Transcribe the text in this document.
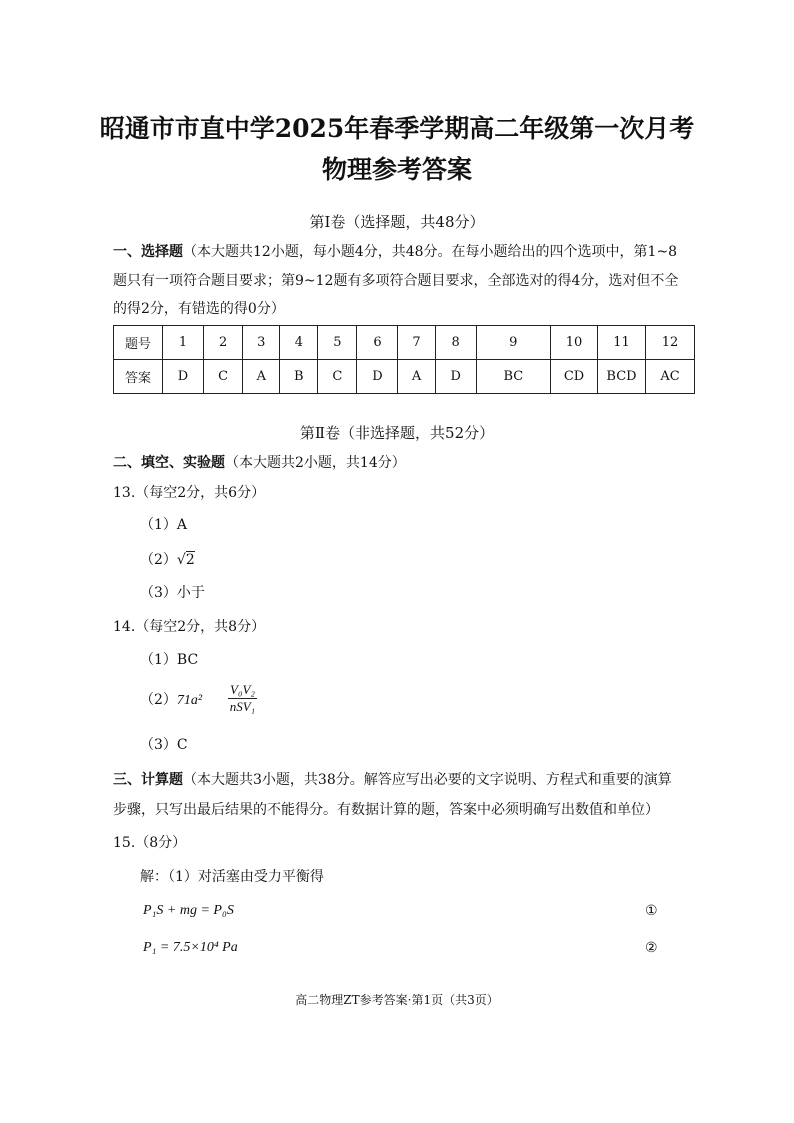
昭通市市直中学2025年春季学期高二年级第一次月考
物理参考答案
第Ⅰ卷（选择题，共48分）
一、选择题（本大题共12小题，每小题4分，共48分。在每小题给出的四个选项中，第1~8
题只有一项符合题目要求；第9~12题有多项符合题目要求，全部选对的得4分，选对但不全
的得2分，有错选的得0分）
题号	1	2	3	4	5	6	7	8	9	10	11	12
答案	D	C	A	B	C	D	A	D	BC	CD	BCD	AC
第Ⅱ卷（非选择题，共52分）
二、填空、实验题（本大题共2小题，共14分）
13.（每空2分，共6分）
（1）A
（2）√2
（3）小于
14.（每空2分，共8分）
（1）BC
$(2)71a^2 \frac{\text{V₀V₂}}{\text{nSV₁}}$
（3）C
三、计算题（本大题共3小题，共38分。解答应写出必要的文字说明、方程式和重要的演算
步骤，只写出最后结果的不能得分。有数据计算的题，答案中必须明确写出数值和单位）
15.（8分）
解：（1）对活塞由受力平衡得
P₁S + mg = P₀S	①
P₁ = 7.5×10⁴ Pa	②
高二物理ZT参考答案·第1页（共3页）
